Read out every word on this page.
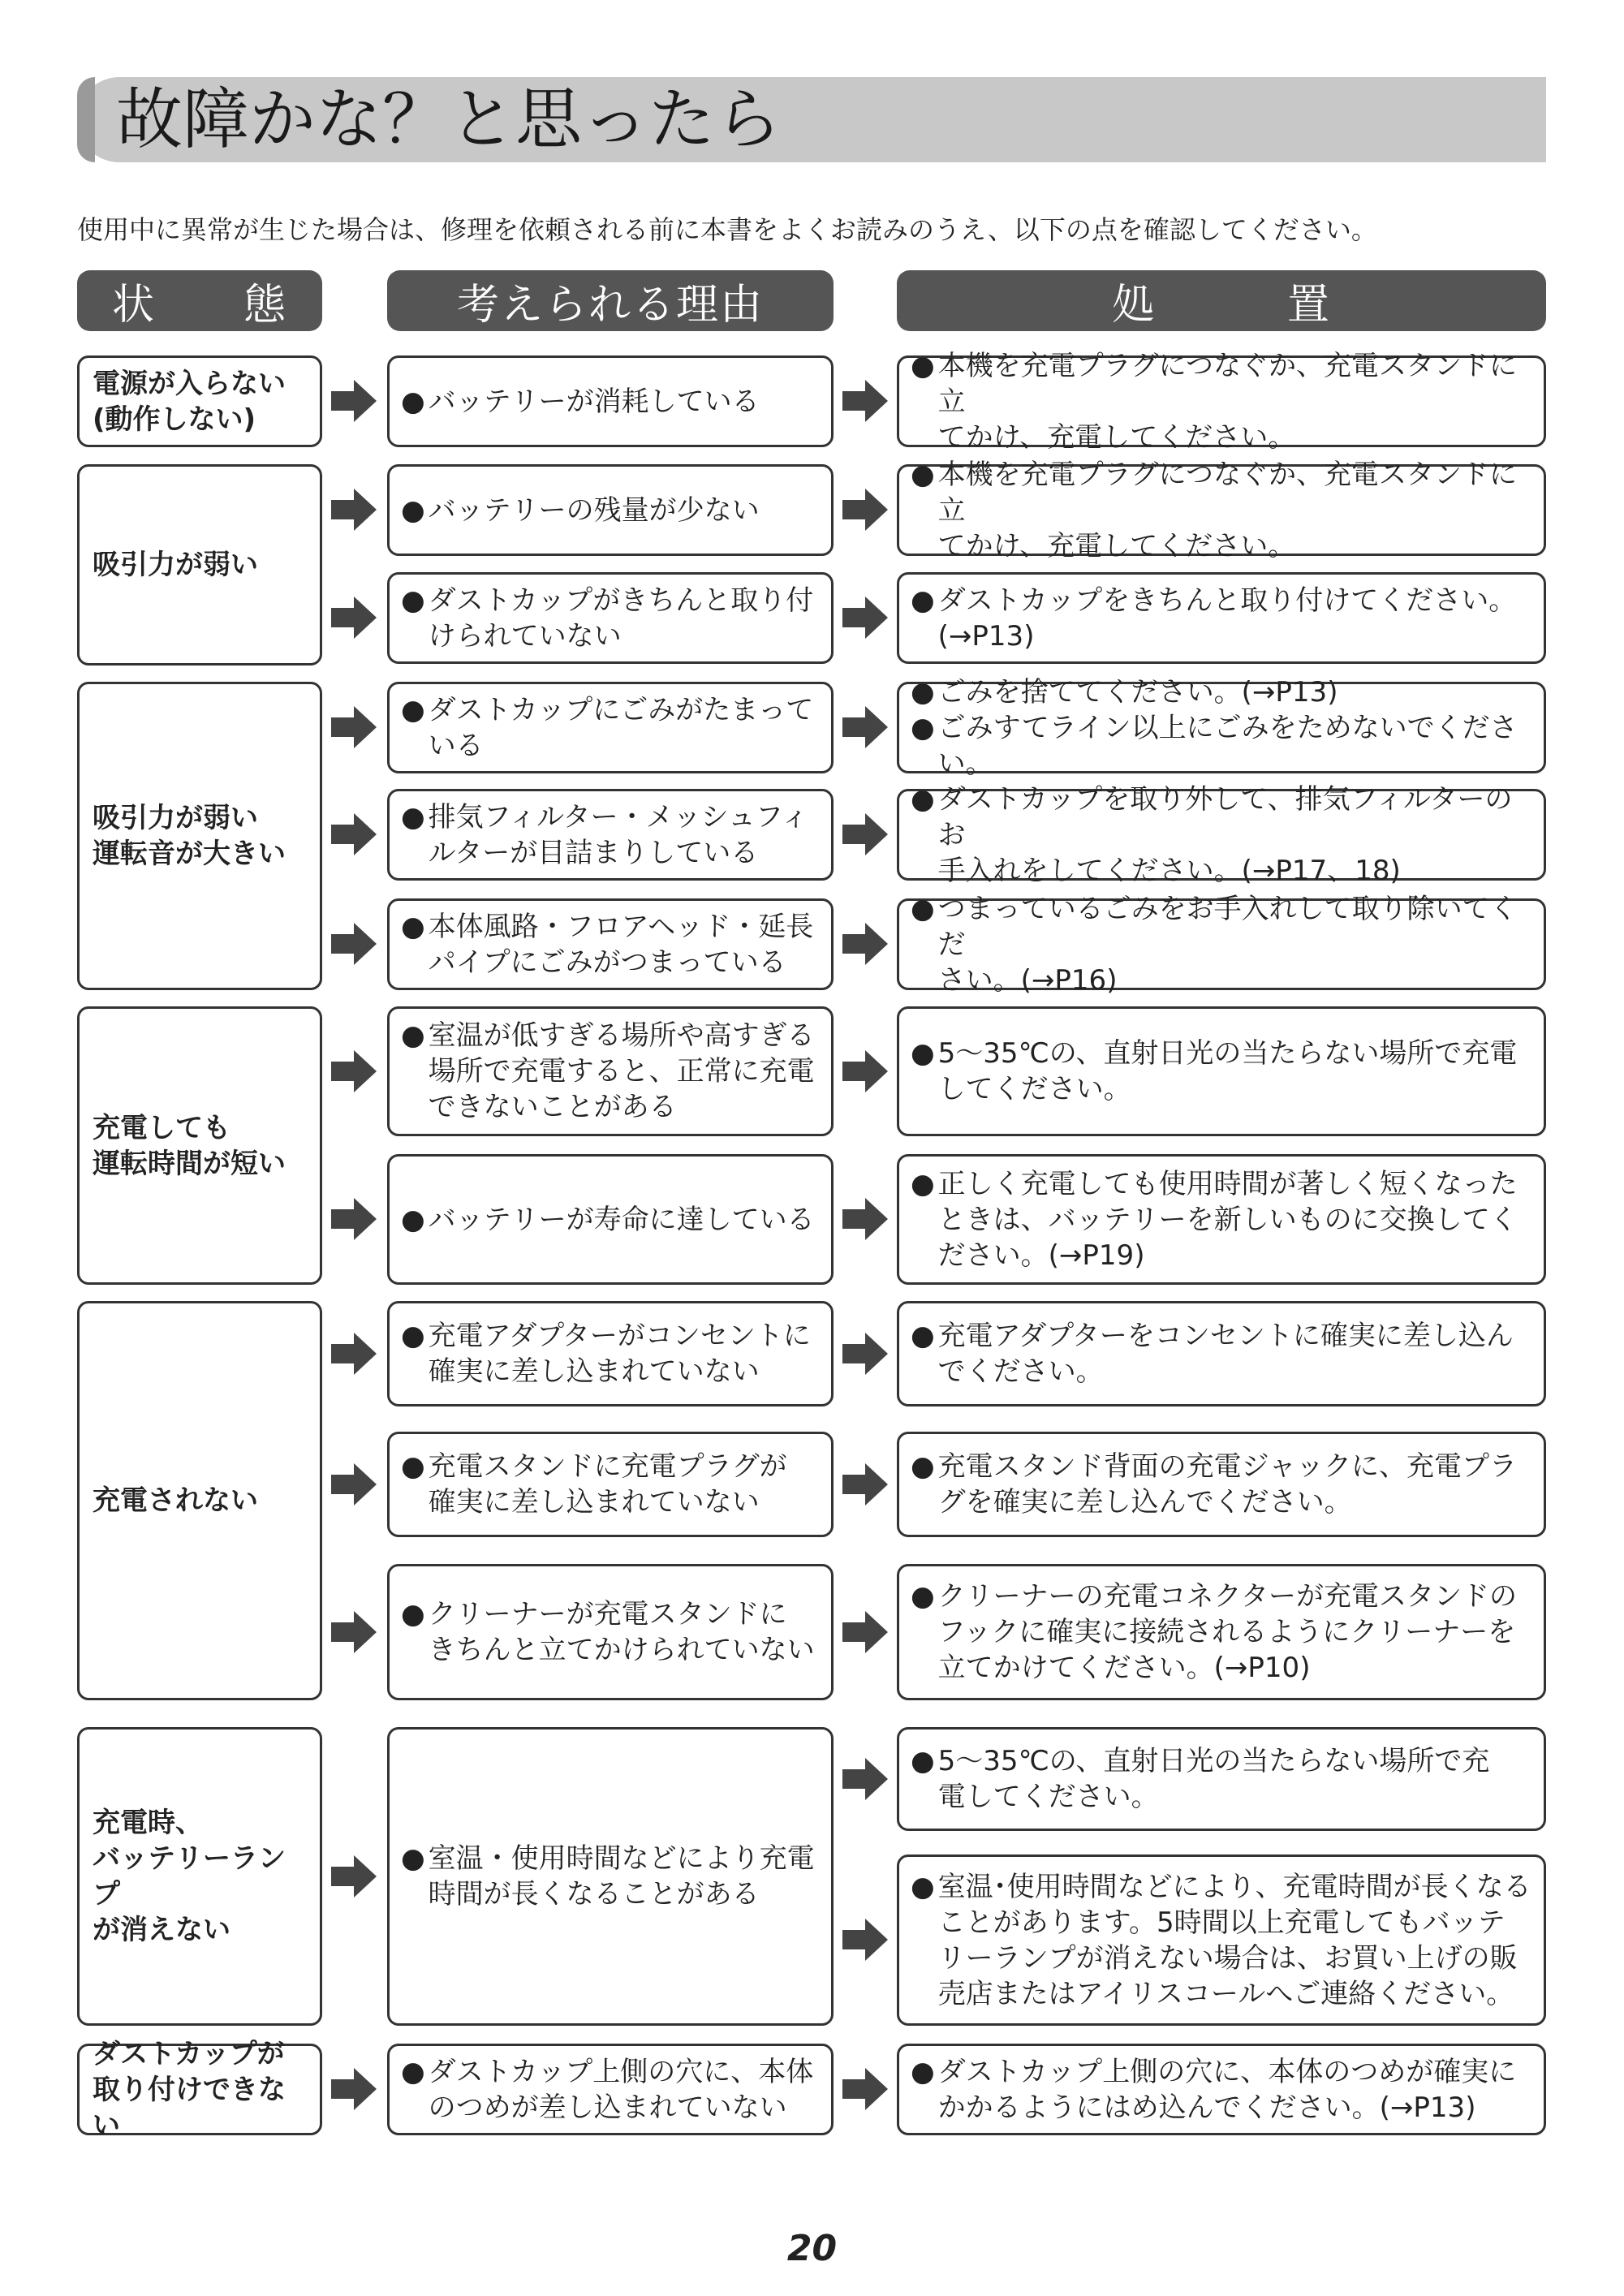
故障かな？と思ったら
使用中に異常が生じた場合は、修理を依頼される前に本書をよくお読みのうえ、以下の点を確認してください。
状　　態	考えられる理由	処　　　置
電源が入らない
(動作しない)
吸引力が弱い
吸引力が弱い
運転音が大きい
充電しても
運転時間が短い
充電されない
充電時、
バッテリーランプ
が消えない
ダストカップが
取り付けできない
● バッテリーが消耗している
● バッテリーの残量が少ない
● ダストカップがきちんと取り付
けられていない
● ダストカップにごみがたまって
いる
● 排気フィルター・メッシュフィ
ルターが目詰まりしている
● 本体風路・フロアヘッド・延長
パイプにごみがつまっている
● 室温が低すぎる場所や高すぎる
場所で充電すると、正常に充電
できないことがある
● バッテリーが寿命に達している
● 充電アダプターがコンセントに
確実に差し込まれていない
● 充電スタンドに充電プラグが
確実に差し込まれていない
● クリーナーが充電スタンドに
きちんと立てかけられていない
● 室温・使用時間などにより充電
時間が長くなることがある
● ダストカップ上側の穴に、本体
のつめが差し込まれていない
● 本機を充電プラグにつなぐか、充電スタンドに立
てかけ、充電してください。
● 本機を充電プラグにつなぐか、充電スタンドに立
てかけ、充電してください。
● ダストカップをきちんと取り付けてください。
(→P13)
● ごみを捨ててください。(→P13)
● ごみすてライン以上にごみをためないでください。
● ダストカップを取り外して、排気フィルターのお
手入れをしてください。(→P17、18)
● つまっているごみをお手入れして取り除いてくだ
さい。(→P16)
● 5～35℃の、直射日光の当たらない場所で充電
してください。
● 正しく充電しても使用時間が著しく短くなった
ときは、バッテリーを新しいものに交換してく
ださい。(→P19)
● 充電アダプターをコンセントに確実に差し込ん
でください。
● 充電スタンド背面の充電ジャックに、充電プラ
グを確実に差し込んでください。
● クリーナーの充電コネクターが充電スタンドの
フックに確実に接続されるようにクリーナーを
立てかけてください。(→P10)
● 5～35℃の、直射日光の当たらない場所で充
電してください。
● 室温･使用時間などにより、充電時間が長くなる
ことがあります。5時間以上充電してもバッテ
リーランプが消えない場合は、お買い上げの販
売店またはアイリスコールへご連絡ください。
● ダストカップ上側の穴に、本体のつめが確実に
かかるようにはめ込んでください。(→P13)
20
